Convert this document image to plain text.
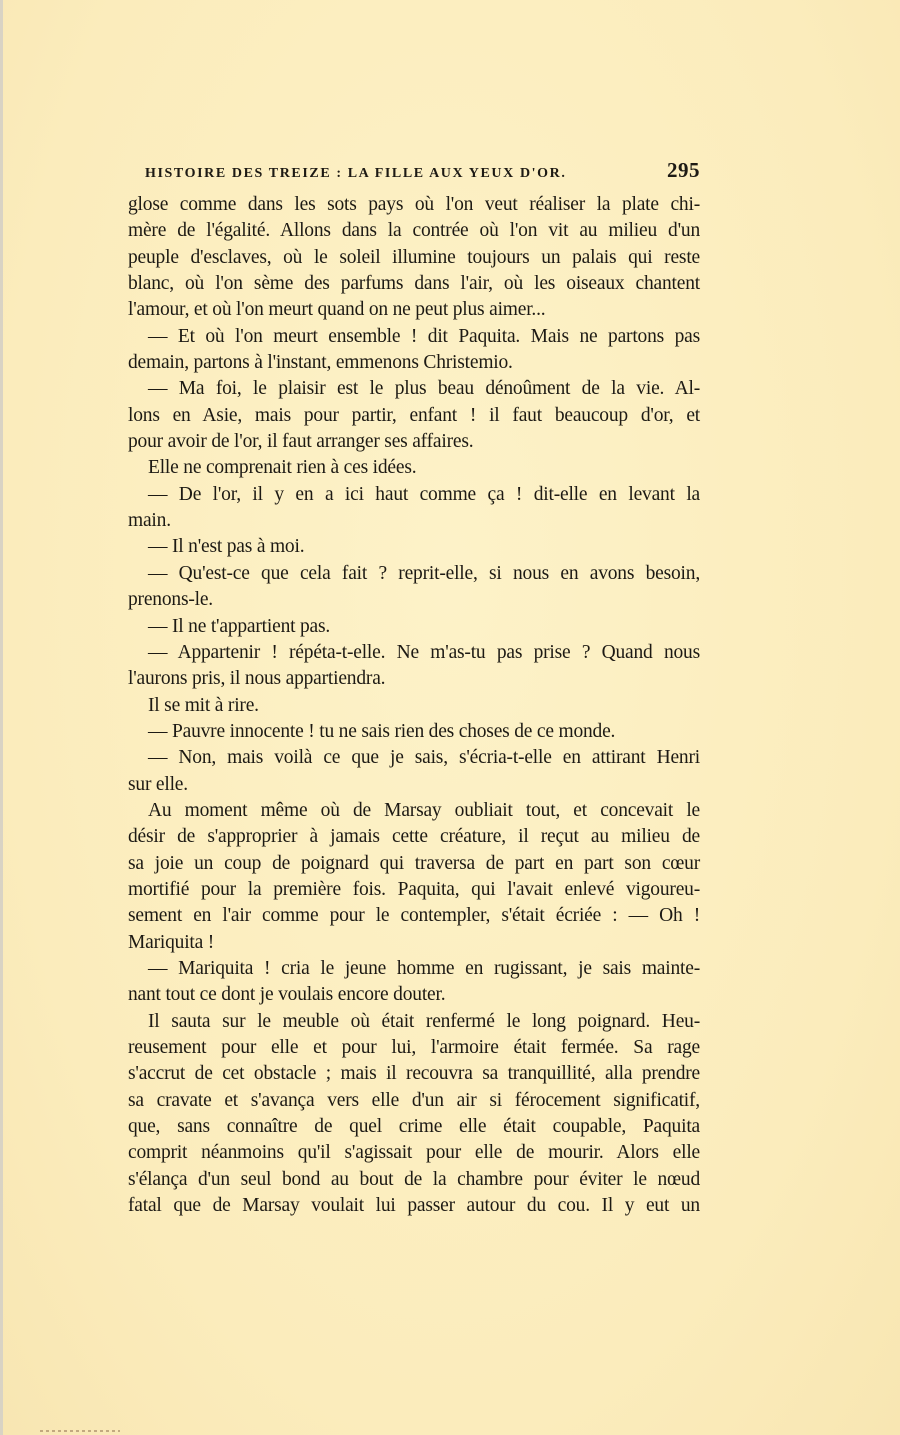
HISTOIRE DES TREIZE : LA FILLE AUX YEUX D'OR.	295
glose comme dans les sots pays où l'on veut réaliser la plate chi-
mère de l'égalité. Allons dans la contrée où l'on vit au milieu d'un
peuple d'esclaves, où le soleil illumine toujours un palais qui reste
blanc, où l'on sème des parfums dans l'air, où les oiseaux chantent
l'amour, et où l'on meurt quand on ne peut plus aimer...
— Et où l'on meurt ensemble ! dit Paquita. Mais ne partons pas
demain, partons à l'instant, emmenons Christemio.
— Ma foi, le plaisir est le plus beau dénoûment de la vie. Al-
lons en Asie, mais pour partir, enfant ! il faut beaucoup d'or, et
pour avoir de l'or, il faut arranger ses affaires.
Elle ne comprenait rien à ces idées.
— De l'or, il y en a ici haut comme ça ! dit-elle en levant la
main.
— Il n'est pas à moi.
— Qu'est-ce que cela fait ? reprit-elle, si nous en avons besoin,
prenons-le.
— Il ne t'appartient pas.
— Appartenir ! répéta-t-elle. Ne m'as-tu pas prise ? Quand nous
l'aurons pris, il nous appartiendra.
Il se mit à rire.
— Pauvre innocente ! tu ne sais rien des choses de ce monde.
— Non, mais voilà ce que je sais, s'écria-t-elle en attirant Henri
sur elle.
Au moment même où de Marsay oubliait tout, et concevait le
désir de s'approprier à jamais cette créature, il reçut au milieu de
sa joie un coup de poignard qui traversa de part en part son cœur
mortifié pour la première fois. Paquita, qui l'avait enlevé vigoureu-
sement en l'air comme pour le contempler, s'était écriée : — Oh !
Mariquita !
— Mariquita ! cria le jeune homme en rugissant, je sais mainte-
nant tout ce dont je voulais encore douter.
Il sauta sur le meuble où était renfermé le long poignard. Heu-
reusement pour elle et pour lui, l'armoire était fermée. Sa rage
s'accrut de cet obstacle ; mais il recouvra sa tranquillité, alla prendre
sa cravate et s'avança vers elle d'un air si férocement significatif,
que, sans connaître de quel crime elle était coupable, Paquita
comprit néanmoins qu'il s'agissait pour elle de mourir. Alors elle
s'élança d'un seul bond au bout de la chambre pour éviter le nœud
fatal que de Marsay voulait lui passer autour du cou. Il y eut un
